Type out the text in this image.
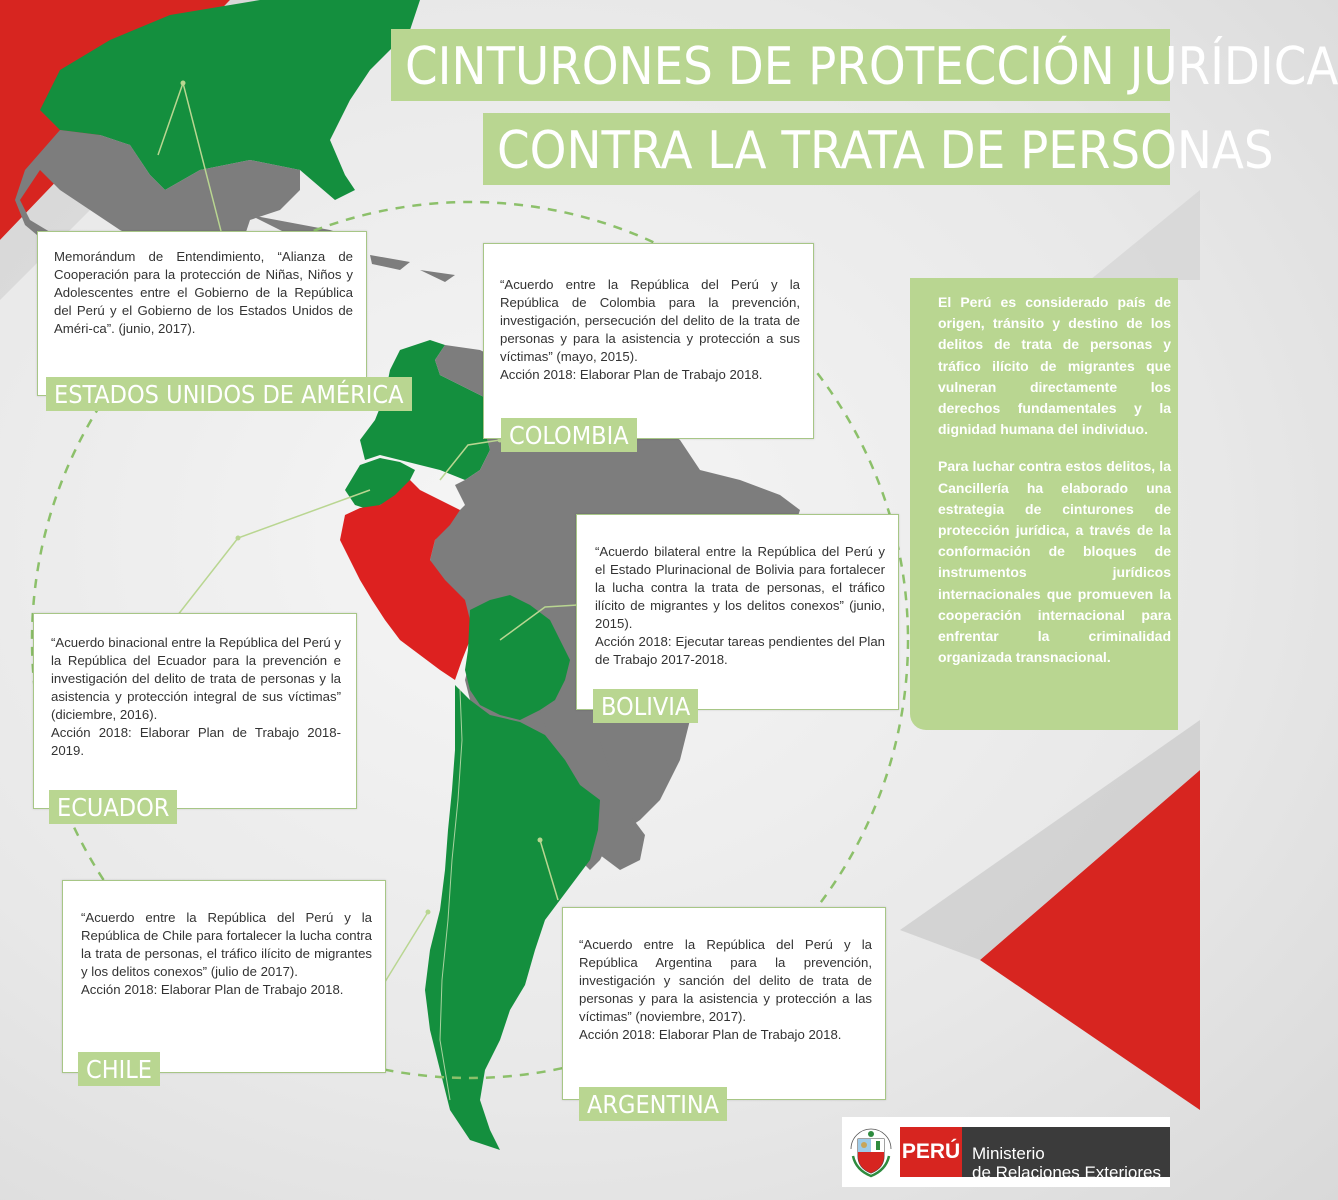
CINTURONES DE PROTECCIÓN JURÍDICA
CONTRA LA TRATA DE PERSONAS

Memorándum de Entendimiento, “Alianza de Cooperación para la protección de Niñas, Niños y Adolescentes entre el Gobierno de la República del Perú y el Gobierno de los Estados Unidos de Améri-ca”. (junio, 2017).

ESTADOS UNIDOS DE AMÉRICA

“Acuerdo entre la República del Perú y la República de Colombia para la prevención, investigación, persecución del delito de la trata de personas y para la asistencia y protección a sus víctimas” (mayo, 2015).

Acción 2018: Elaborar Plan de Trabajo 2018.

COLOMBIA

“Acuerdo bilateral entre la República del Perú y el Estado Plurinacional de Bolivia para fortalecer la lucha contra la trata de personas, el tráfico ilícito de migrantes y los delitos conexos” (junio, 2015).

Acción 2018: Ejecutar tareas pendientes del Plan de Trabajo 2017-2018.

BOLIVIA

“Acuerdo binacional entre la República del Perú y la República del Ecuador para la prevención e investigación del delito de trata de personas y la asistencia y protección integral de sus víctimas” (diciembre, 2016).

Acción 2018: Elaborar Plan de Trabajo 2018-2019.

ECUADOR

“Acuerdo entre la República del Perú y la República de Chile para fortalecer la lucha contra la trata de personas, el tráfico ilícito de migrantes y los delitos conexos” (julio de 2017).

Acción 2018: Elaborar Plan de Trabajo 2018.

CHILE

“Acuerdo entre la República del Perú y la República Argentina para la prevención, investigación y sanción del delito de trata de personas y para la asistencia y protección a las víctimas” (noviembre, 2017).

Acción 2018: Elaborar Plan de Trabajo 2018.

ARGENTINA

El Perú es considerado país de origen, tránsito y destino de los delitos de trata de personas y tráfico ilícito de migrantes que vulneran directamente los derechos fundamentales y la dignidad humana del individuo.

Para luchar contra estos delitos, la Cancillería ha elaborado una estrategia de cinturones de protección jurídica, a través de la conformación de bloques de instrumentos jurídicos internacionales que promueven la cooperación internacional para enfrentar la criminalidad organizada transnacional.

PERÚ Ministerio
de Relaciones Exteriores
